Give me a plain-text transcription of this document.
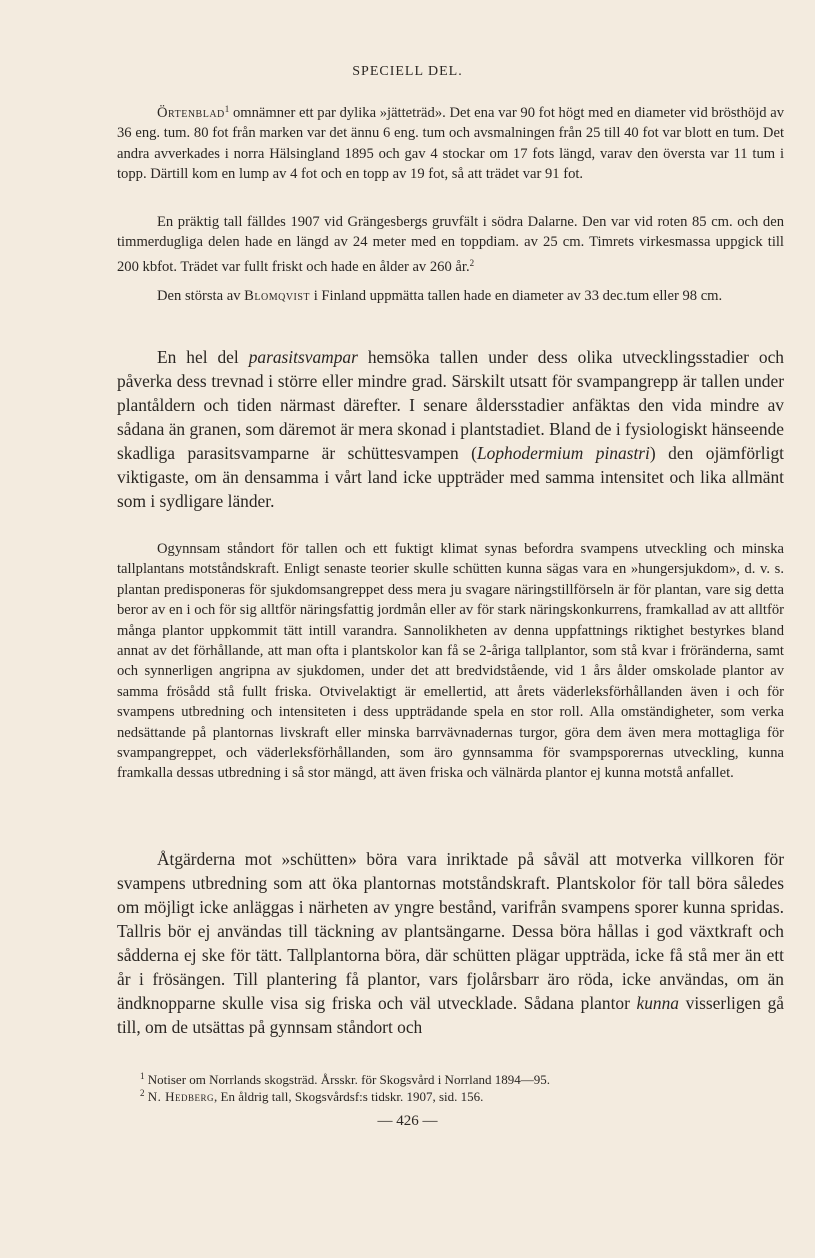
SPECIELL DEL.

Örtenblad$^1$ omnämner ett par dylika »jätteträd». Det ena var 90 fot högt med en diameter vid brösthöjd av 36 eng. tum. 80 fot från marken var det ännu 6 eng. tum och avsmalningen från 25 till 40 fot var blott en tum. Det andra avverkades i norra Hälsingland 1895 och gav 4 stockar om 17 fots längd, varav den översta var 11 tum i topp. Därtill kom en lump av 4 fot och en topp av 19 fot, så att trädet var 91 fot.

En präktig tall fälldes 1907 vid Grängesbergs gruvfält i södra Dalarne. Den var vid roten 85 cm. och den timmerdugliga delen hade en längd av 24 meter med en toppdiam. av 25 cm. Timrets virkesmassa uppgick till 200 kbfot. Trädet var fullt friskt och hade en ålder av 260 år.$^2$

Den största av Blomqvist i Finland uppmätta tallen hade en diameter av 33 dec.tum eller 98 cm.

En hel del parasitsvampar hemsöka tallen under dess olika utvecklingsstadier och påverka dess trevnad i större eller mindre grad. Särskilt utsatt för svampangrepp är tallen under plantåldern och tiden närmast därefter. I senare åldersstadier anfäktas den vida mindre av sådana än granen, som däremot är mera skonad i plantstadiet. Bland de i fysiologiskt hänseende skadliga parasitsvamparne är schüttesvampen (Lophodermium pinastri) den ojämförligt viktigaste, om än densamma i vårt land icke uppträder med samma intensitet och lika allmänt som i sydligare länder.

Ogynnsam ståndort för tallen och ett fuktigt klimat synas befordra svampens utveckling och minska tallplantans motståndskraft. Enligt senaste teorier skulle schütten kunna sägas vara en »hungersjukdom», d. v. s. plantan predisponeras för sjukdomsangreppet dess mera ju svagare näringstillförseln är för plantan, vare sig detta beror av en i och för sig alltför näringsfattig jordmån eller av för stark näringskonkurrens, framkallad av att alltför många plantor uppkommit tätt intill varandra. Sannolikheten av denna uppfattnings riktighet bestyrkes bland annat av det förhållande, att man ofta i plantskolor kan få se 2-åriga tallplantor, som stå kvar i fröränderna, samt och synnerligen angripna av sjukdomen, under det att bredvidstående, vid 1 års ålder omskolade plantor av samma frösådd stå fullt friska. Otvivelaktigt är emellertid, att årets väderleksförhållanden även i och för svampens utbredning och intensiteten i dess uppträdande spela en stor roll. Alla omständigheter, som verka nedsättande på plantornas livskraft eller minska barrvävnadernas turgor, göra dem även mera mottagliga för svampangreppet, och väderleksförhållanden, som äro gynnsamma för svampsporernas utveckling, kunna framkalla dessas utbredning i så stor mängd, att även friska och välnärda plantor ej kunna motstå anfallet.

Åtgärderna mot »schütten» böra vara inriktade på såväl att motverka villkoren för svampens utbredning som att öka plantornas motståndskraft. Plantskolor för tall böra således om möjligt icke anläggas i närheten av yngre bestånd, varifrån svampens sporer kunna spridas. Tallris bör ej användas till täckning av plantsängarne. Dessa böra hållas i god växtkraft och sådderna ej ske för tätt. Tallplantorna böra, där schütten plägar uppträda, icke få stå mer än ett år i frösängen. Till plantering få plantor, vars fjolårsbarr äro röda, icke användas, om än ändknopparne skulle visa sig friska och väl utvecklade. Sådana plantor kunna visserligen gå till, om de utsättas på gynnsam ståndort och

$^1$ Notiser om Norrlands skogsträd. Årsskr. för Skogsvård i Norrland 1894—95.

$^2$ N. Hedberg, En åldrig tall, Skogsvårdsf:s tidskr. 1907, sid. 156.

— 426 —
